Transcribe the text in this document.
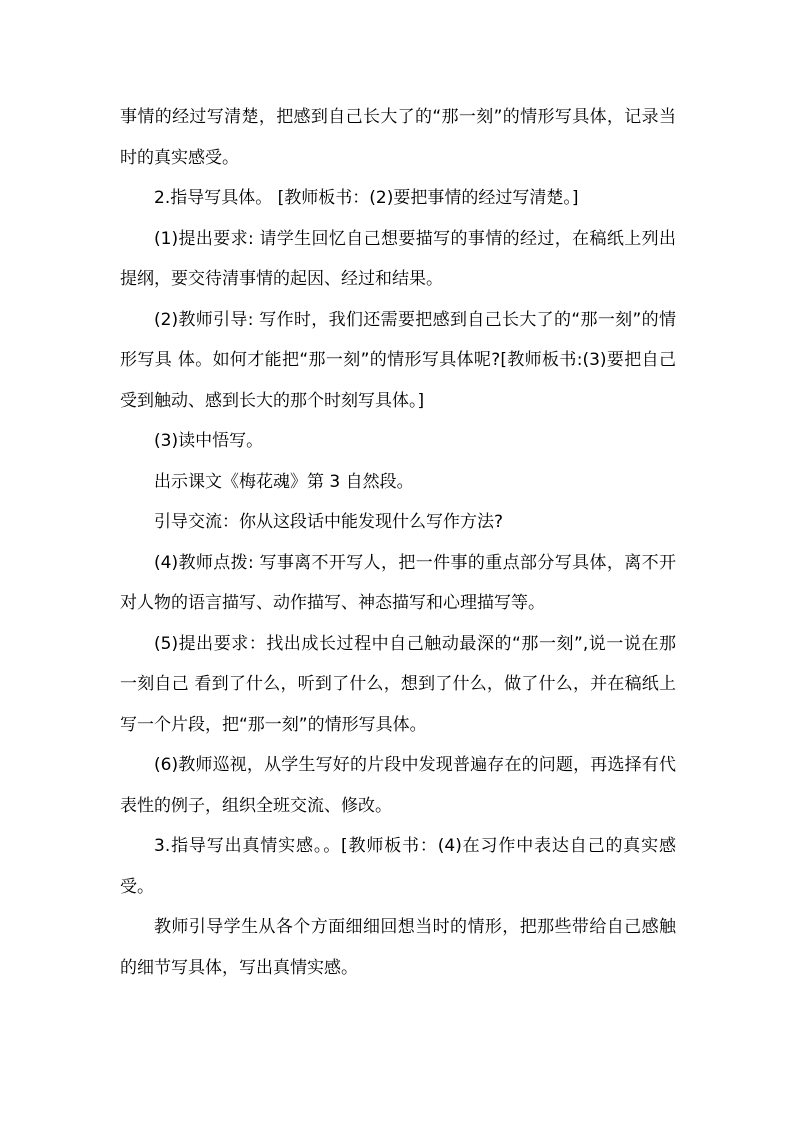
事情的经过写清楚，把感到自己长大了的“那一刻”的情形写具体，记录当时的真实感受。

2.指导写具体。 [教师板书：(2)要把事情的经过写清楚。]

(1)提出要求: 请学生回忆自己想要描写的事情的经过，在稿纸上列出提纲，要交待清事情的起因、经过和结果。

(2)教师引导: 写作时，我们还需要把感到自己长大了的“那一刻”的情形写具 体。如何才能把“那一刻”的情形写具体呢?[教师板书:(3)要把自己受到触动、感到长大的那个时刻写具体。]

(3)读中悟写。

出示课文《梅花魂》第 3 自然段。

引导交流：你从这段话中能发现什么写作方法?

(4)教师点拨: 写事离不开写人，把一件事的重点部分写具体，离不开对人物的语言描写、动作描写、神态描写和心理描写等。

(5)提出要求：找出成长过程中自己触动最深的“那一刻”,说一说在那一刻自己 看到了什么，听到了什么，想到了什么，做了什么，并在稿纸上写一个片段，把“那一刻”的情形写具体。

(6)教师巡视，从学生写好的片段中发现普遍存在的问题，再选择有代表性的例子，组织全班交流、修改。

3.指导写出真情实感。。[教师板书：(4)在习作中表达自己的真实感受。

教师引导学生从各个方面细细回想当时的情形，把那些带给自己感触的细节写具体，写出真情实感。
